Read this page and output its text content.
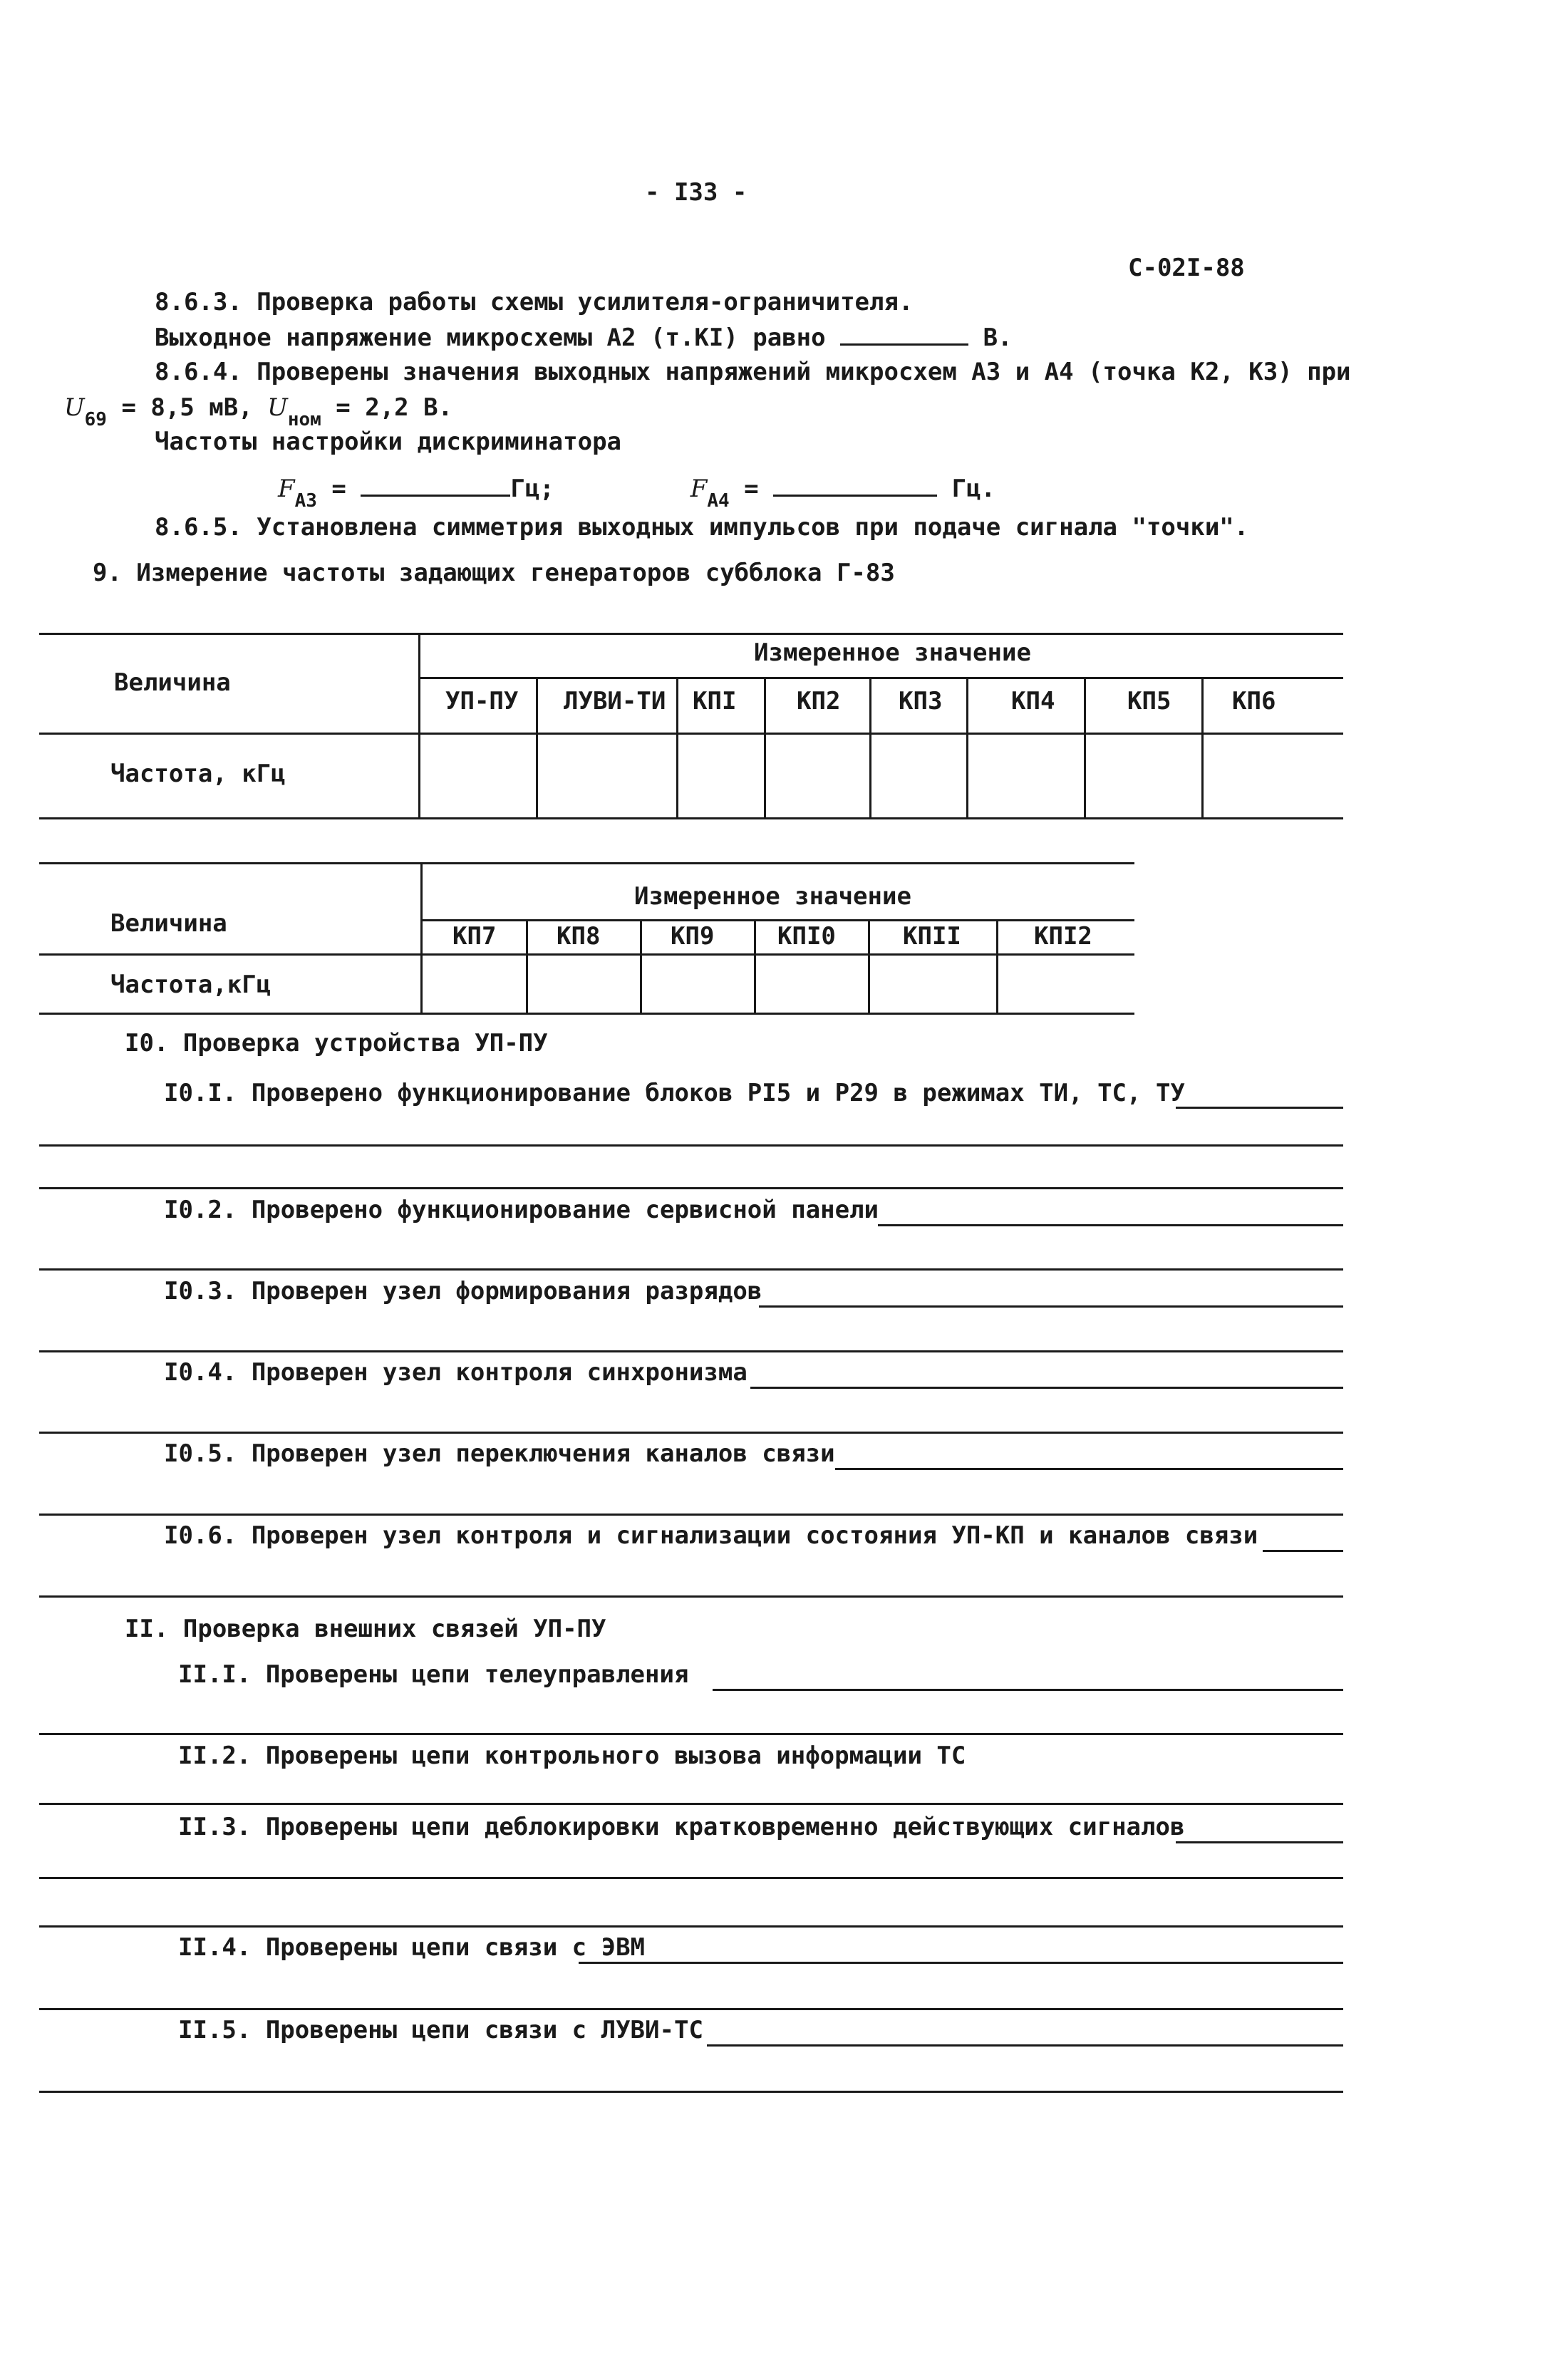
- I33 -
С-02I-88
8.6.3. Проверка работы схемы усилителя-ограничителя.
Выходное напряжение микросхемы А2 (т.КI) равно	В.
8.6.4. Проверены значения выходных напряжений микросхем А3 и А4 (точка К2, К3) при
$U_{69} = 8,5$ мВ, $U_{ном} = 2,2$ В.
Частоты настройки дискриминатора
$F_{А3}$ =	Гц;	$F_{А4}$ =	Гц.
8.6.5. Установлена симметрия выходных импульсов при подаче сигнала "точки".
9. Измерение частоты задающих генераторов субблока Г-83
Величина
Измеренное значение
Частота, кГц
УП-ПУ ЛУВИ-ТИ КПI КП2 КП3	КП4	КП5	КП6
Величина
Измеренное значение
Частота,кГц
КП7 КП8	КП9	КПI0	КПII	КПI2
I0. Проверка устройства УП-ПУ
I0.I. Проверено функционирование блоков РI5 и Р29 в режимах ТИ, ТС, ТУ
I0.2. Проверено функционирование сервисной панели
I0.3. Проверен узел формирования разрядов
I0.4. Проверен узел контроля синхронизма
I0.5. Проверен узел переключения каналов связи
I0.6. Проверен узел контроля и сигнализации состояния УП-КП и каналов связи
II. Проверка внешних связей УП-ПУ
II.I. Проверены цепи телеуправления
II.2. Проверены цепи контрольного вызова информации ТС
II.3. Проверены цепи деблокировки кратковременно действующих сигналов
II.4. Проверены цепи связи с ЭВМ
II.5. Проверены цепи связи с ЛУВИ-ТС
